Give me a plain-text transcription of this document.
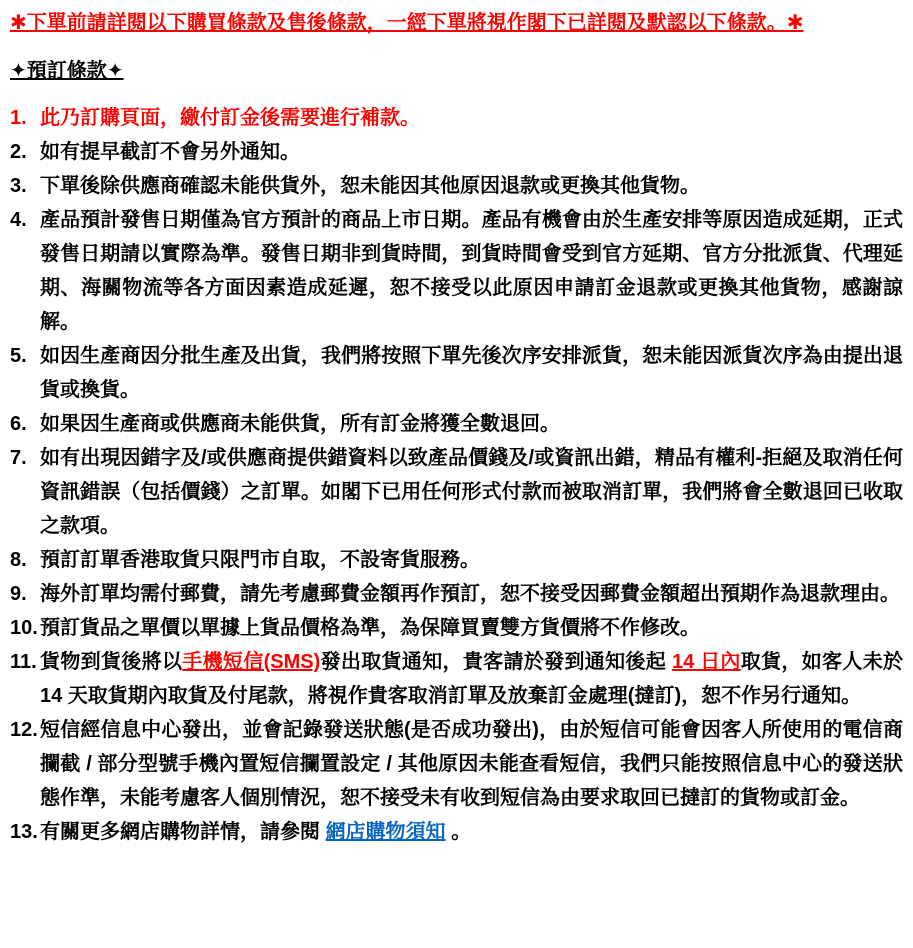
✱下單前請詳閱以下購買條款及售後條款，一經下單將視作閣下已詳閱及默認以下條款。✱
✦預訂條款✦
1. 此乃訂購頁面，繳付訂金後需要進行補款。
2. 如有提早截訂不會另外通知。
3. 下單後除供應商確認未能供貨外，恕未能因其他原因退款或更換其他貨物。
4. 產品預計發售日期僅為官方預計的商品上市日期。產品有機會由於生產安排等原因造成延期，正式發售日期請以實際為準。發售日期非到貨時間，到貨時間會受到官方延期、官方分批派貨、代理延期、海關物流等各方面因素造成延遲，恕不接受以此原因申請訂金退款或更換其他貨物，感謝諒解。
5. 如因生產商因分批生產及出貨，我們將按照下單先後次序安排派貨，恕未能因派貨次序為由提出退貨或換貨。
6. 如果因生產商或供應商未能供貨，所有訂金將獲全數退回。
7. 如有出現因錯字及/或供應商提供錯資料以致產品價錢及/或資訊出錯，精品有權利-拒絕及取消任何資訊錯誤（包括價錢）之訂單。如閣下已用任何形式付款而被取消訂單，我們將會全數退回已收取之款項。
8. 預訂訂單香港取貨只限門市自取，不設寄貨服務。
9. 海外訂單均需付郵費，請先考慮郵費金額再作預訂，恕不接受因郵費金額超出預期作為退款理由。
10. 預訂貨品之單價以單據上貨品價格為準，為保障買賣雙方貨價將不作修改。
11. 貨物到貨後將以手機短信(SMS)發出取貨通知，貴客請於發到通知後起 14 日內取貨，如客人未於 14 天取貨期內取貨及付尾款，將視作貴客取消訂單及放棄訂金處理(撻訂)，恕不作另行通知。
12. 短信經信息中心發出，並會記錄發送狀態(是否成功發出)，由於短信可能會因客人所使用的電信商攔截 / 部分型號手機內置短信攔置設定 / 其他原因未能查看短信，我們只能按照信息中心的發送狀態作準，未能考慮客人個別情況，恕不接受未有收到短信為由要求取回已撻訂的貨物或訂金。
13. 有關更多網店購物詳情，請參閱 網店購物須知 。
